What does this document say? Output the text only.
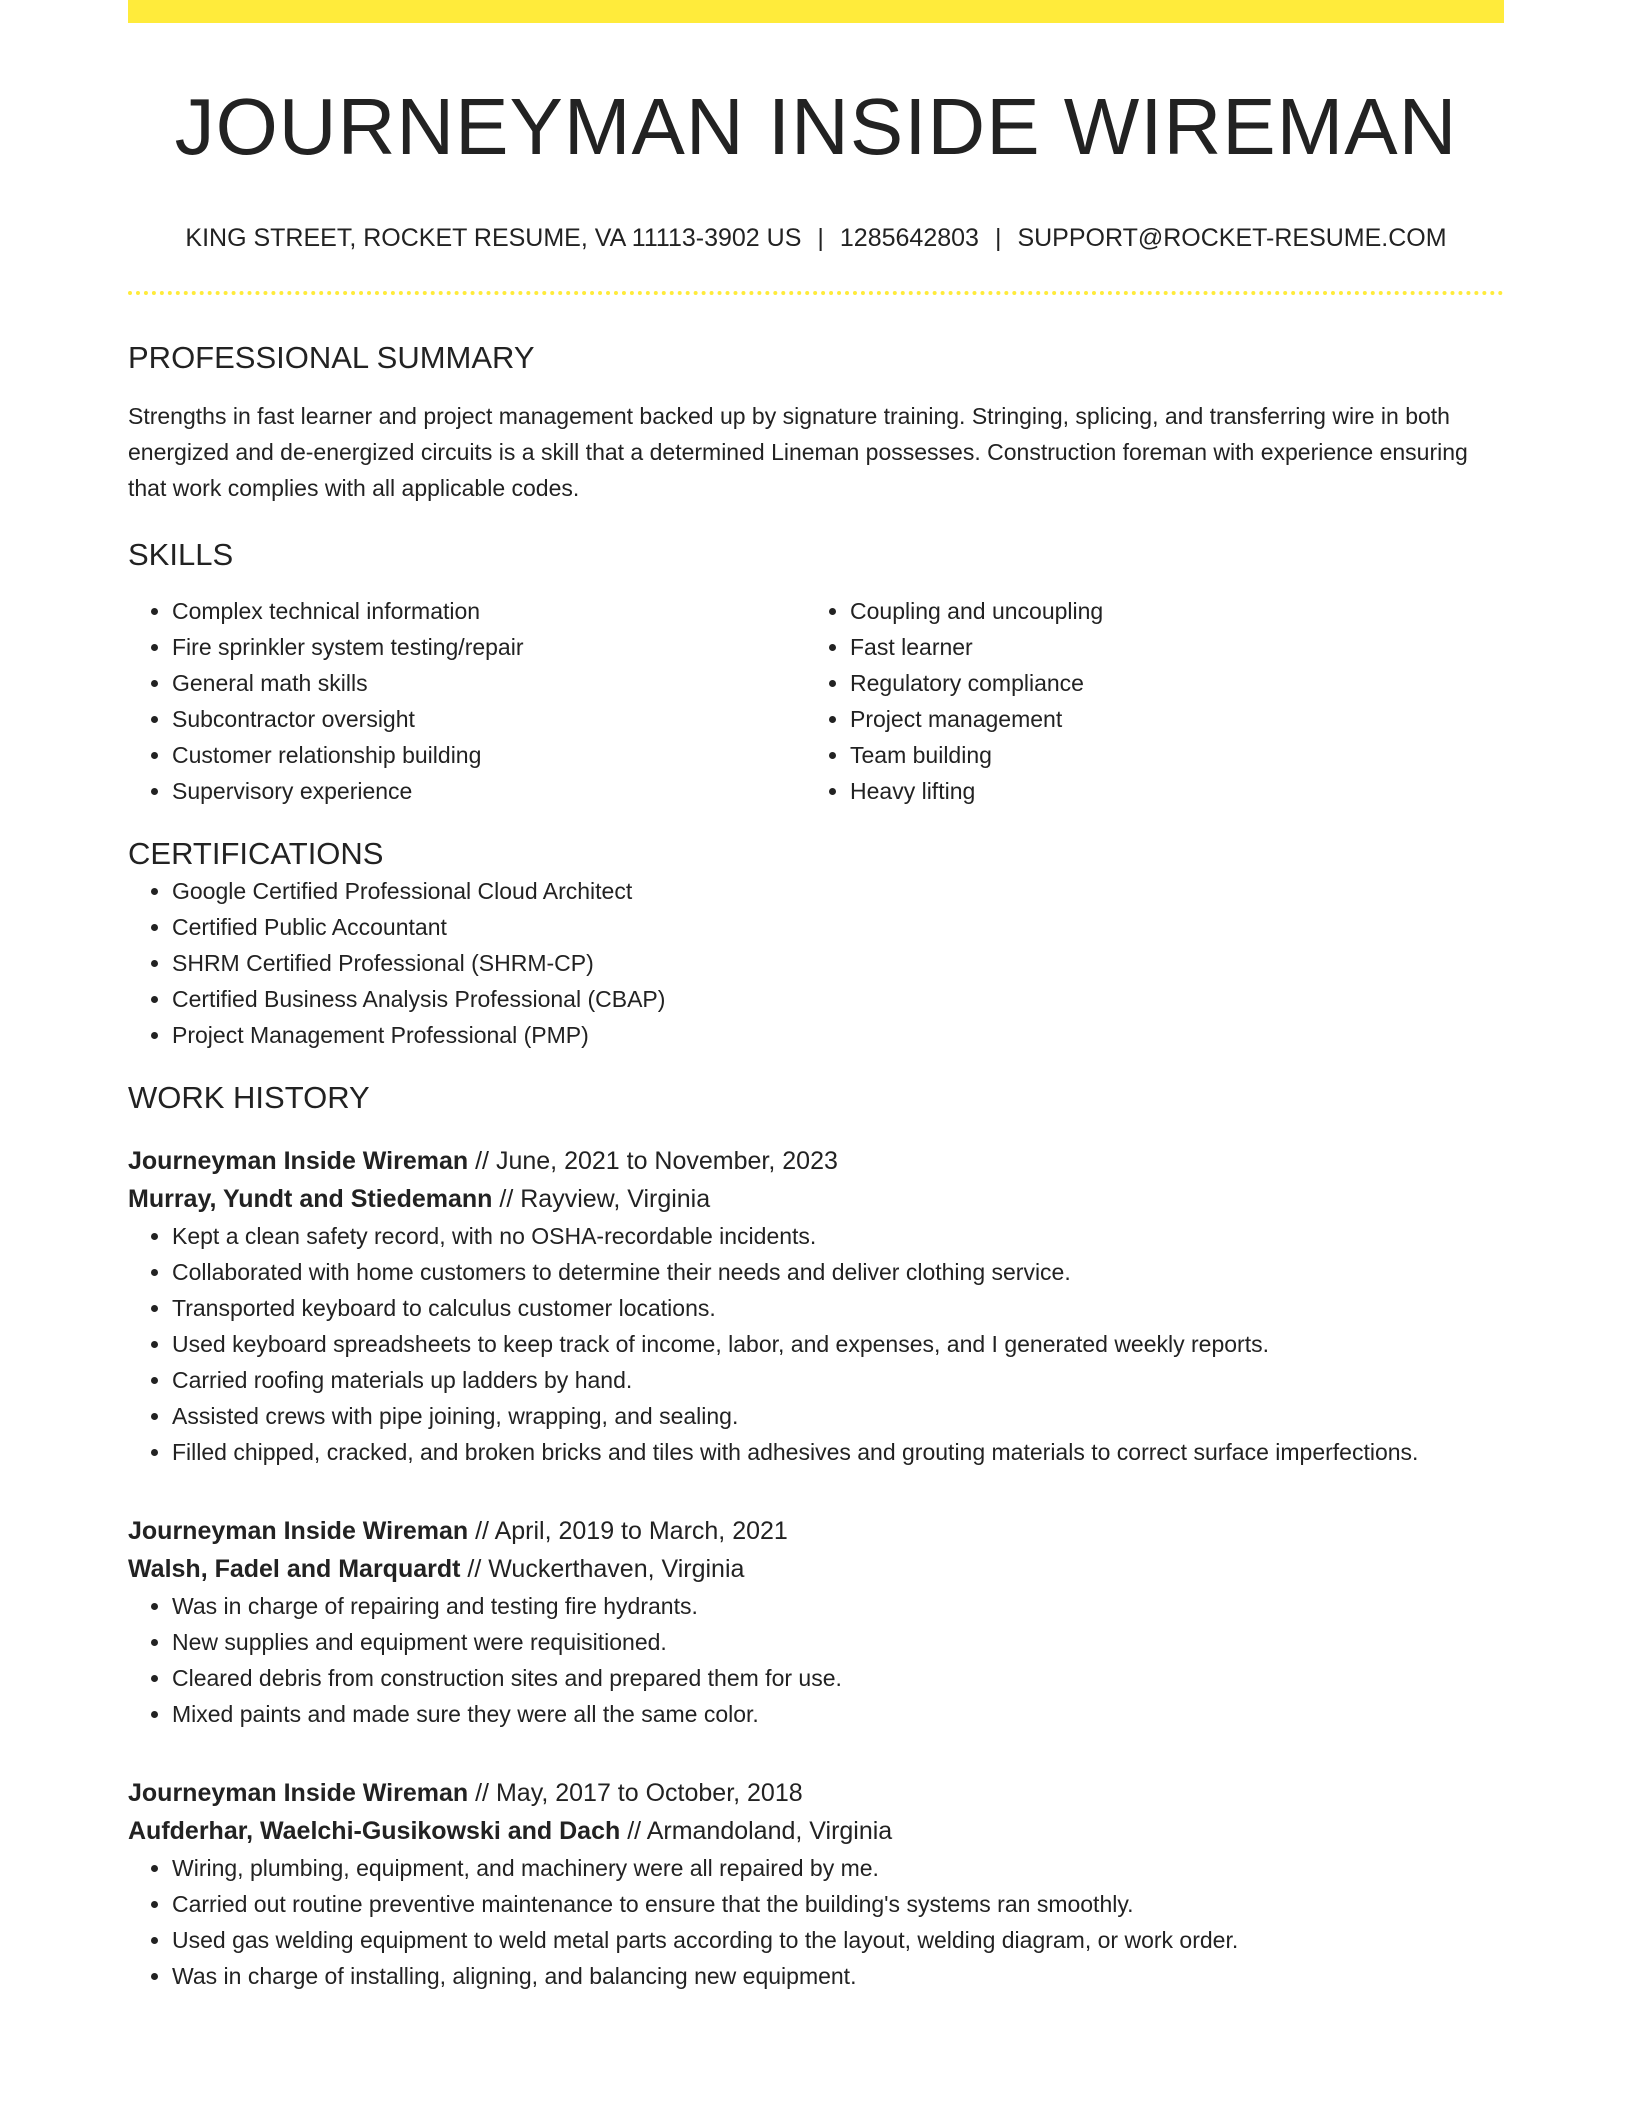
JOURNEYMAN INSIDE WIREMAN
KING STREET, ROCKET RESUME, VA 11113-3902 US | 1285642803 | SUPPORT@ROCKET-RESUME.COM
PROFESSIONAL SUMMARY
Strengths in fast learner and project management backed up by signature training. Stringing, splicing, and transferring wire in both energized and de-energized circuits is a skill that a determined Lineman possesses. Construction foreman with experience ensuring that work complies with all applicable codes.
SKILLS
• Complex technical information
• Fire sprinkler system testing/repair
• General math skills
• Subcontractor oversight
• Customer relationship building
• Supervisory experience
• Coupling and uncoupling
• Fast learner
• Regulatory compliance
• Project management
• Team building
• Heavy lifting
CERTIFICATIONS
• Google Certified Professional Cloud Architect
• Certified Public Accountant
• SHRM Certified Professional (SHRM-CP)
• Certified Business Analysis Professional (CBAP)
• Project Management Professional (PMP)
WORK HISTORY
Journeyman Inside Wireman // June, 2021 to November, 2023
Murray, Yundt and Stiedemann // Rayview, Virginia
• Kept a clean safety record, with no OSHA-recordable incidents.
• Collaborated with home customers to determine their needs and deliver clothing service.
• Transported keyboard to calculus customer locations.
• Used keyboard spreadsheets to keep track of income, labor, and expenses, and I generated weekly reports.
• Carried roofing materials up ladders by hand.
• Assisted crews with pipe joining, wrapping, and sealing.
• Filled chipped, cracked, and broken bricks and tiles with adhesives and grouting materials to correct surface imperfections.
Journeyman Inside Wireman // April, 2019 to March, 2021
Walsh, Fadel and Marquardt // Wuckerthaven, Virginia
• Was in charge of repairing and testing fire hydrants.
• New supplies and equipment were requisitioned.
• Cleared debris from construction sites and prepared them for use.
• Mixed paints and made sure they were all the same color.
Journeyman Inside Wireman // May, 2017 to October, 2018
Aufderhar, Waelchi-Gusikowski and Dach // Armandoland, Virginia
• Wiring, plumbing, equipment, and machinery were all repaired by me.
• Carried out routine preventive maintenance to ensure that the building's systems ran smoothly.
• Used gas welding equipment to weld metal parts according to the layout, welding diagram, or work order.
• Was in charge of installing, aligning, and balancing new equipment.
